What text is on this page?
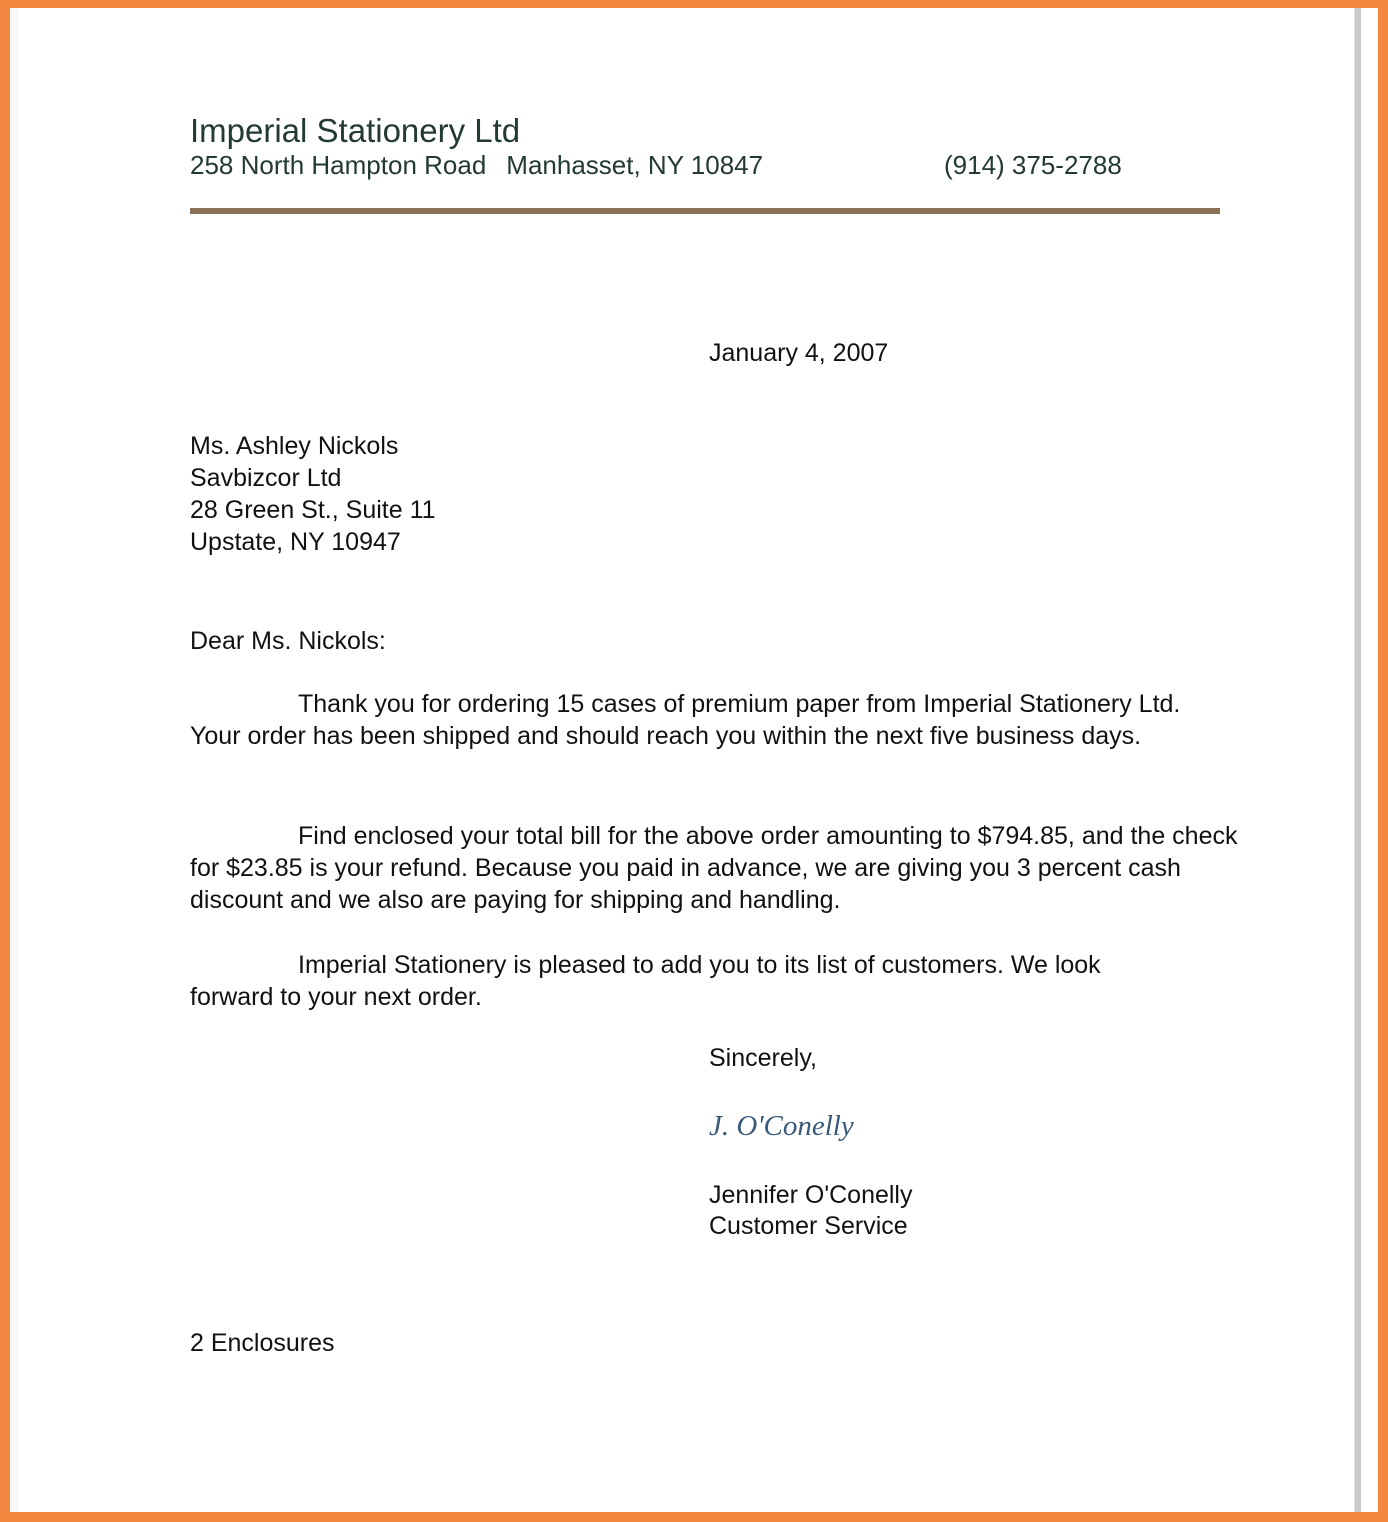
Imperial Stationery Ltd
258 North Hampton Road Manhasset, NY 10847	(914) 375-2788
January 4, 2007
Ms. Ashley Nickols
Savbizcor Ltd
28 Green St., Suite 11
Upstate, NY 10947
Dear Ms. Nickols:
Thank you for ordering 15 cases of premium paper from Imperial Stationery Ltd. Your order has been shipped and should reach you within the next five business days.
Find enclosed your total bill for the above order amounting to $794.85, and the check for $23.85 is your refund. Because you paid in advance, we are giving you 3 percent cash discount and we also are paying for shipping and handling.
Imperial Stationery is pleased to add you to its list of customers. We look forward to your next order.
Sincerely,
J. O'Conelly
Jennifer O'Conelly
Customer Service
2 Enclosures
